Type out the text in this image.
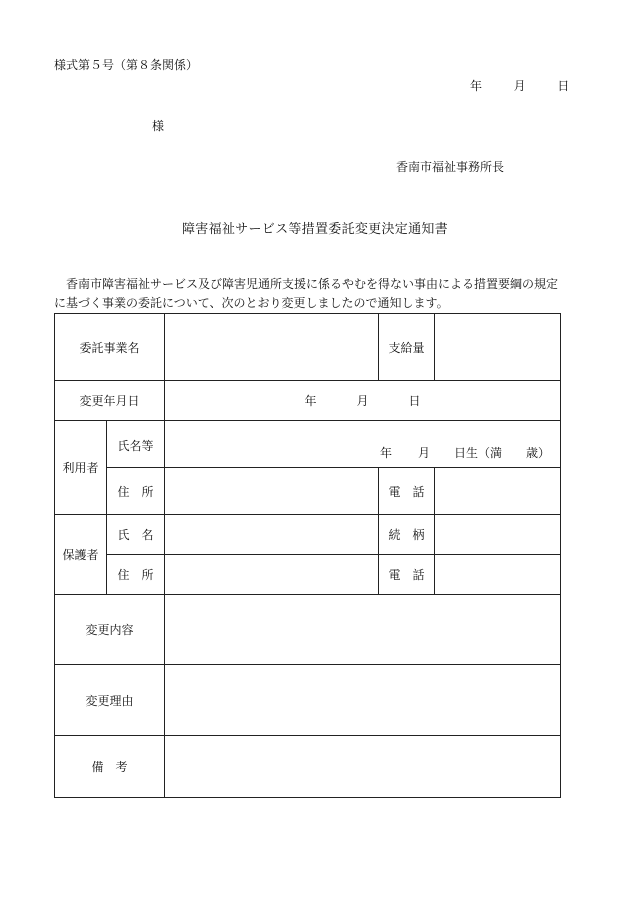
様式第５号（第８条関係）
年	月	日
様
香南市福祉事務所長
障害福祉サービス等措置委託変更決定通知書

香南市障害福祉サービス及び障害児通所支援に係るやむを得ない事由による措置要綱の規定

に基づく事業の委託について、次のとおり変更しましたので通知します。

委託事業名			支給量	
変更年月日		年 月 日		
利用者	氏名等	年 月 日生（満 歳）		

	住　所		電　話	
保護者	氏　名		続　柄	
	住　所		電　話	
変更内容				
変更理由				
備　考				
